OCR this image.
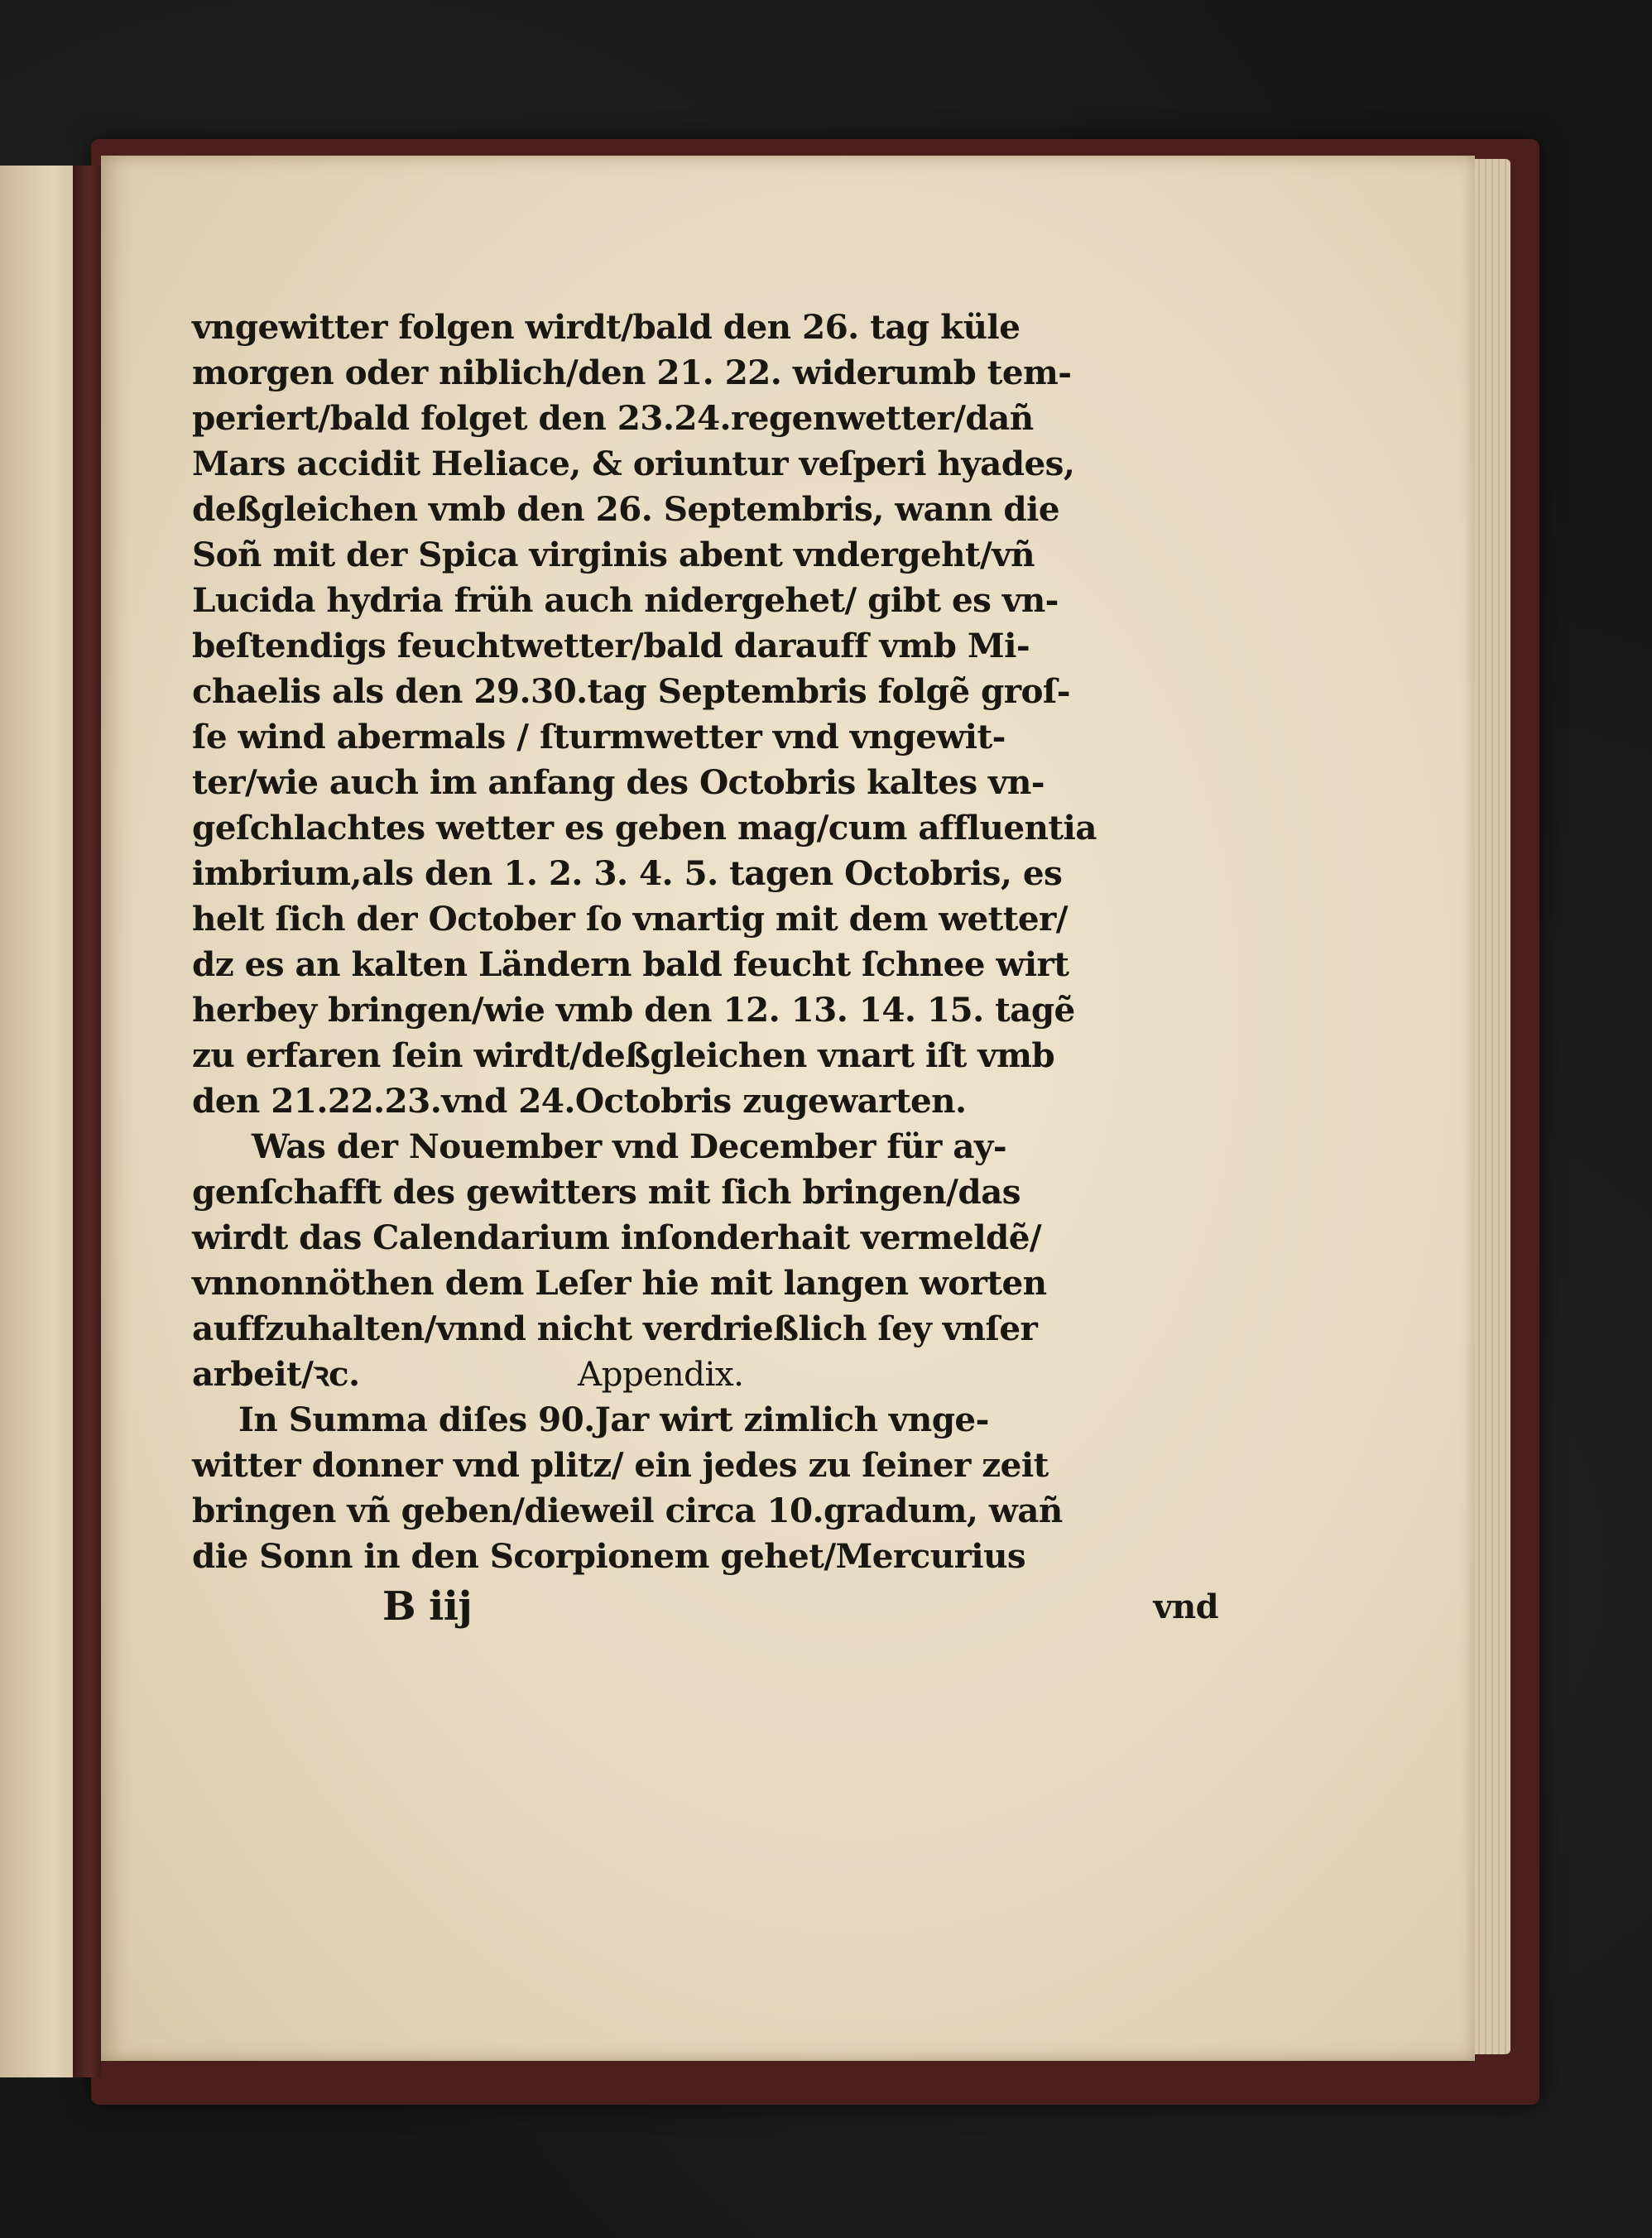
vngewitter folgen wirdt/bald den 26. tag küle
morgen oder niblich/den 21. 22. widerumb tem-
periert/bald folget den 23.24.regenwetter/dañ
Mars accidit Heliace, & oriuntur veſperi hyades,
deßgleichen vmb den 26. Septembris, wann die
Soñ mit der Spica virginis abent vndergeht/vñ
Lucida hydria früh auch nidergehet/ gibt es vn-
beſtendigs feuchtwetter/bald darauff vmb Mi-
chaelis als den 29.30.tag Septembris folgẽ groſ-
ſe wind abermals / ſturmwetter vnd vngewit-
ter/wie auch im anfang des Octobris kaltes vn-
geſchlachtes wetter es geben mag/cum affluentia
imbrium,als den 1. 2. 3. 4. 5. tagen Octobris, es
helt ſich der October ſo vnartig mit dem wetter/
dz es an kalten Ländern bald feucht ſchnee wirt
herbey bringen/wie vmb den 12. 13. 14. 15. tagẽ
zu erfaren ſein wirdt/deßgleichen vnart iſt vmb
den 21.22.23.vnd 24.Octobris zugewarten.
Was der Nouember vnd December für ay-
genſchafft des gewitters mit ſich bringen/das
wirdt das Calendarium inſonderhait vermeldẽ/
vnnonnöthen dem Leſer hie mit langen worten
auffzuhalten/vnnd nicht verdrießlich ſey vnſer
arbeit/ꝛc.	Appendix.
In Summa diſes 90.Jar wirt zimlich vnge-
witter donner vnd plitz/ ein jedes zu ſeiner zeit
bringen vñ geben/dieweil circa 10.gradum, wañ
die Sonn in den Scorpionem gehet/Mercurius
B iij	vnd
